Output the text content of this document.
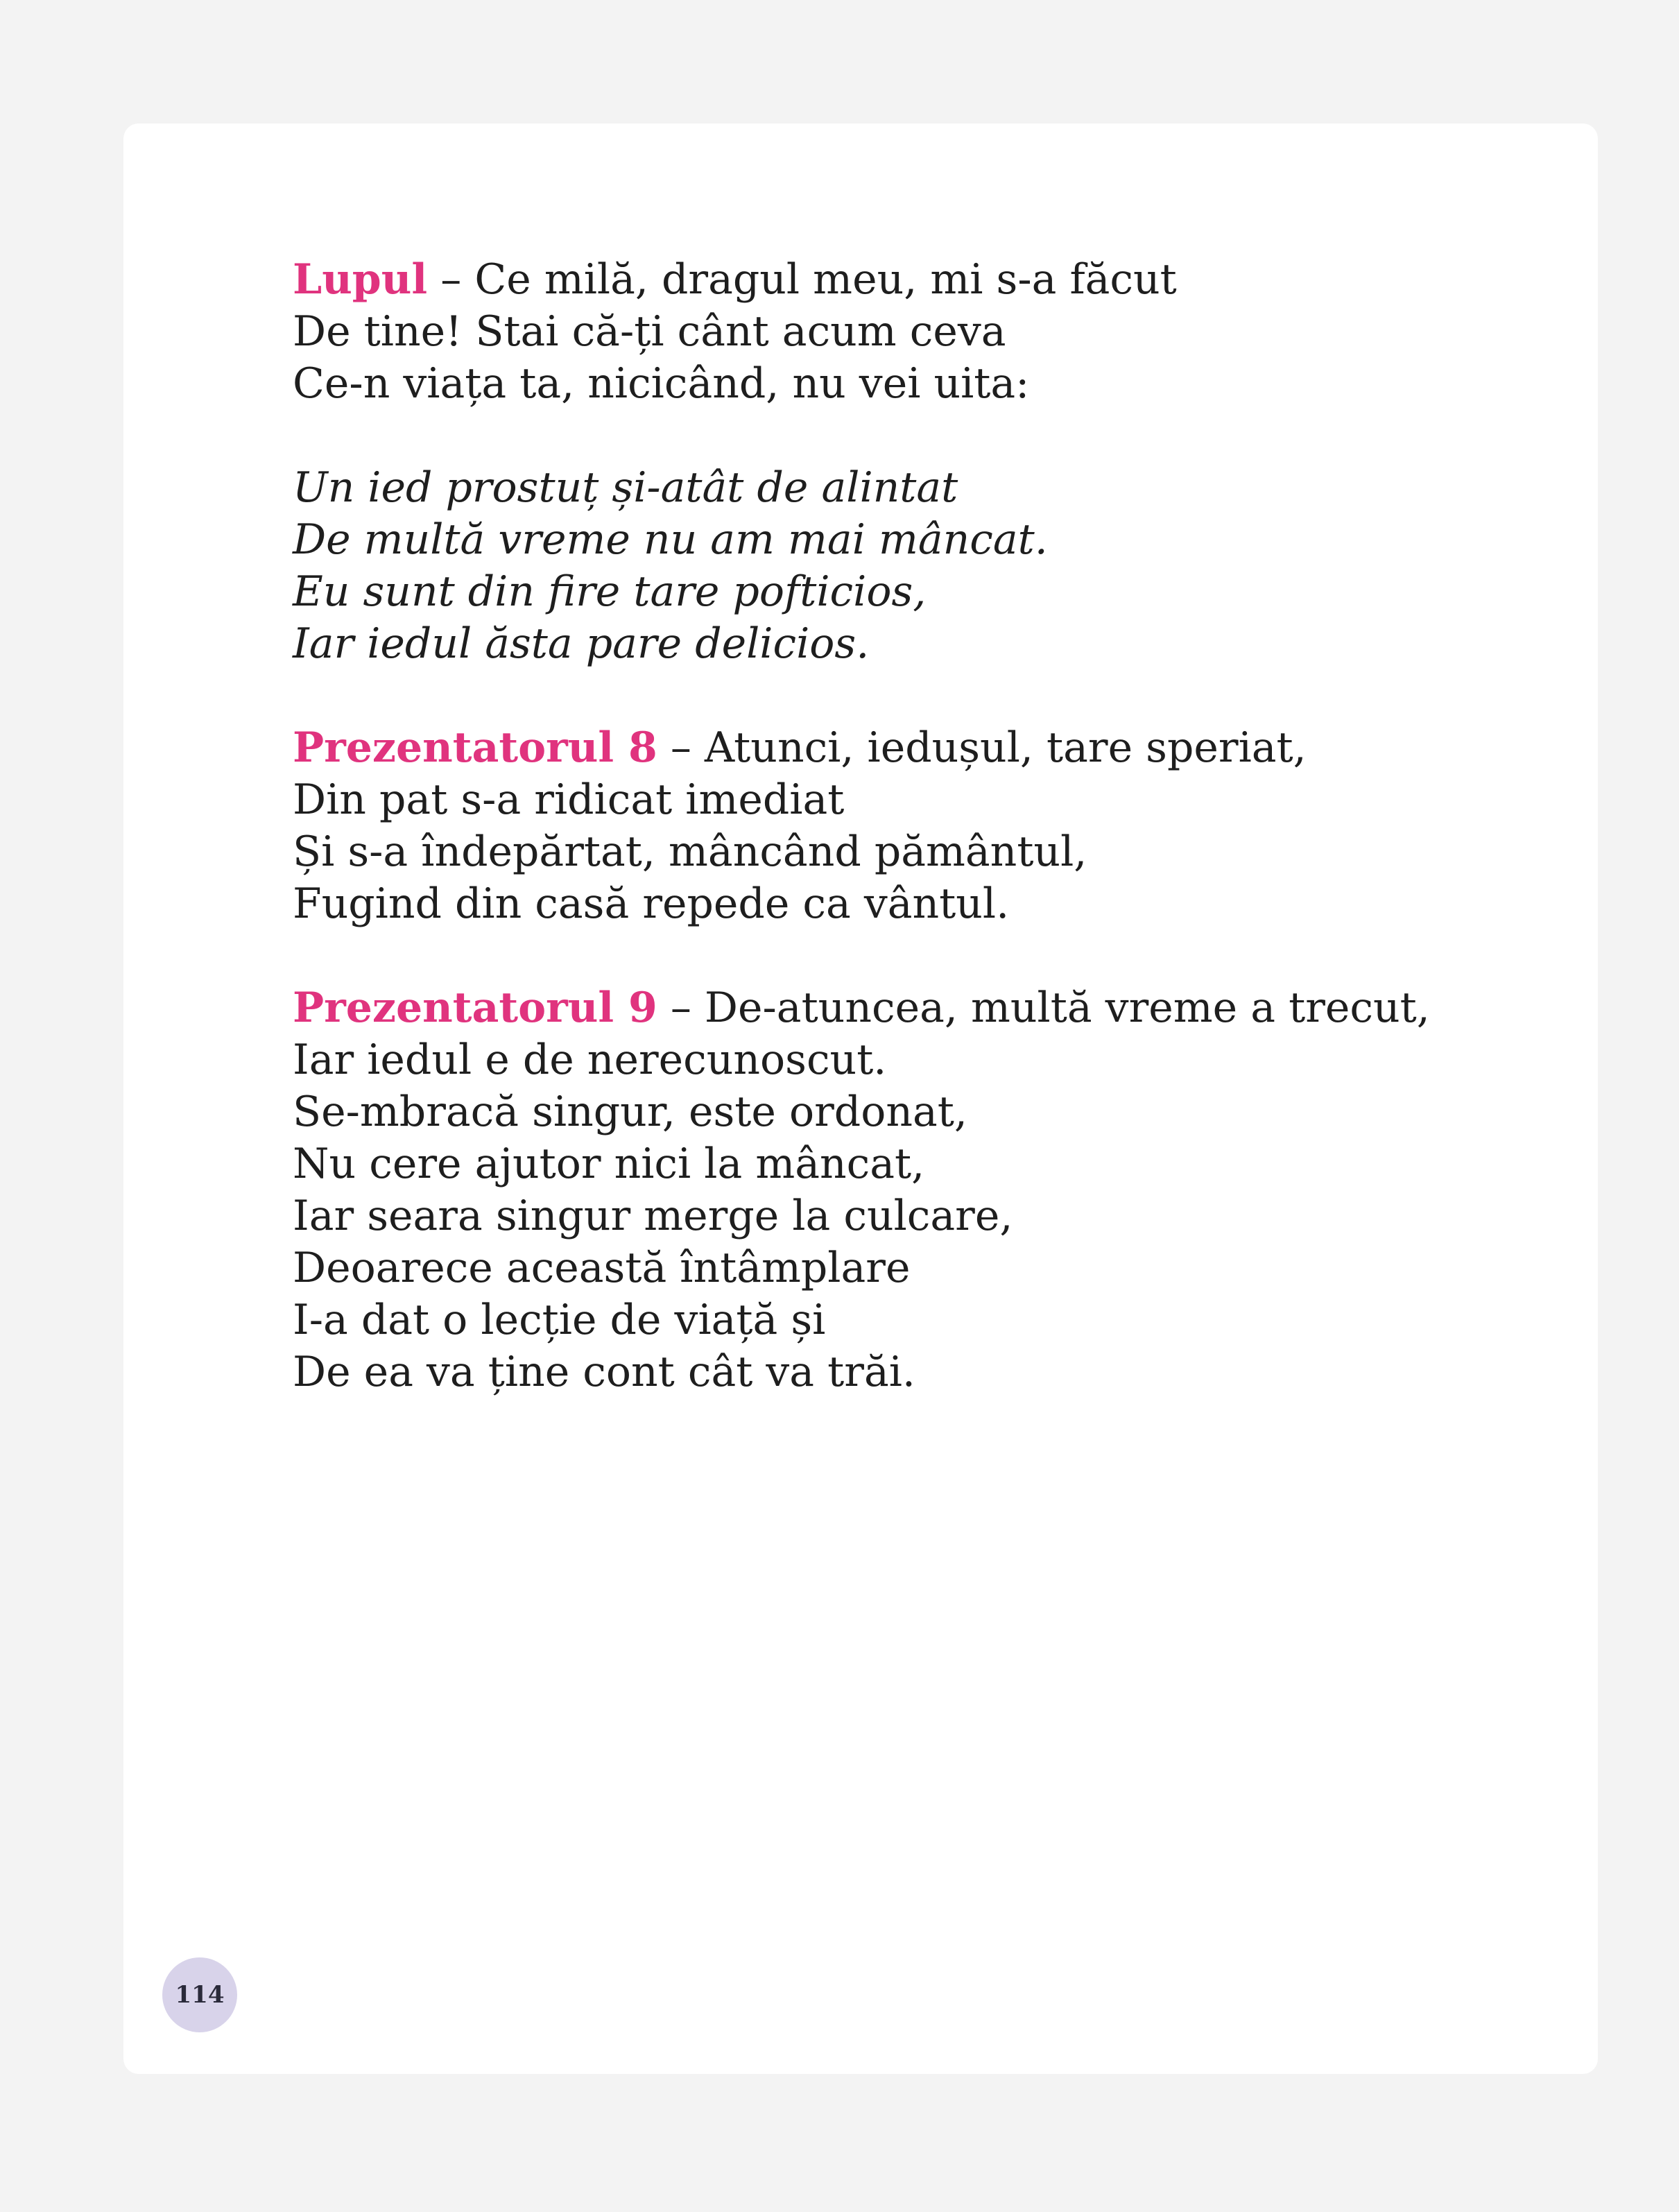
Lupul – Ce milă, dragul meu, mi s-a făcut
De tine! Stai că-ți cânt acum ceva
Ce-n viața ta, nicicând, nu vei uita:
Un ied prostuț și-atât de alintat
De multă vreme nu am mai mâncat.
Eu sunt din fire tare pofticios,
Iar iedul ăsta pare delicios.
Prezentatorul 8 – Atunci, iedușul, tare speriat,
Din pat s-a ridicat imediat
Și s-a îndepărtat, mâncând pământul,
Fugind din casă repede ca vântul.
Prezentatorul 9 – De-atuncea, multă vreme a trecut,
Iar iedul e de nerecunoscut.
Se-mbracă singur, este ordonat,
Nu cere ajutor nici la mâncat,
Iar seara singur merge la culcare,
Deoarece această întâmplare
I-a dat o lecție de viață și
De ea va ține cont cât va trăi.
114
